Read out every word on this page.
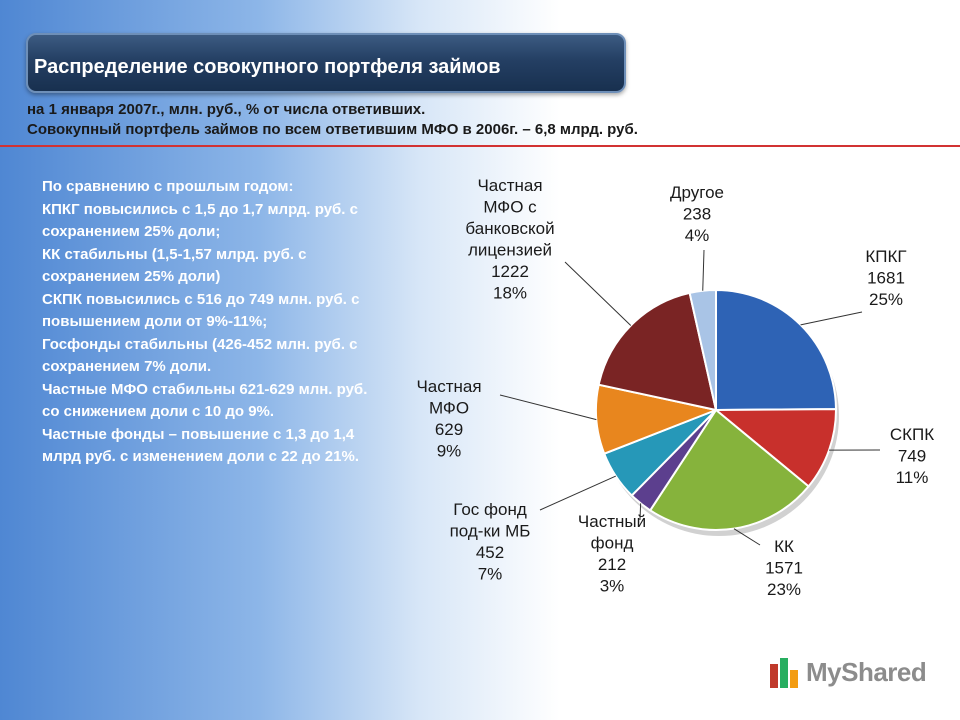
Распределение совокупного портфеля займов
на 1 января 2007г., млн. руб., % от числа ответивших.
Совокупный портфель займов по всем ответившим МФО в 2006г. – 6,8 млрд. руб.
По сравнению с прошлым годом:
КПКГ повысились с 1,5 до 1,7 млрд. руб. с сохранением 25% доли;
КК стабильны (1,5-1,57 млрд. руб. с сохранением 25% доли)
СКПК повысились с 516 до 749 млн. руб. с повышением доли от 9%-11%;
Госфонды стабильны (426-452 млн. руб. с сохранением 7% доли.
Частные МФО стабильны 621-629 млн. руб. со снижением доли с 10 до 9%.
Частные фонды – повышение с 1,3 до 1,4 млрд руб. с изменением доли с 22 до 21%.
КПКГ 1681 25%
СКПК 749 11%
КК 1571 23%
Частный фонд 212 3%
Гос фонд под-ки МБ 452 7%
Частная МФО 629 9%
Частная МФО с банковской лицензией 1222 18%
Другое 238 4%
MyShared
